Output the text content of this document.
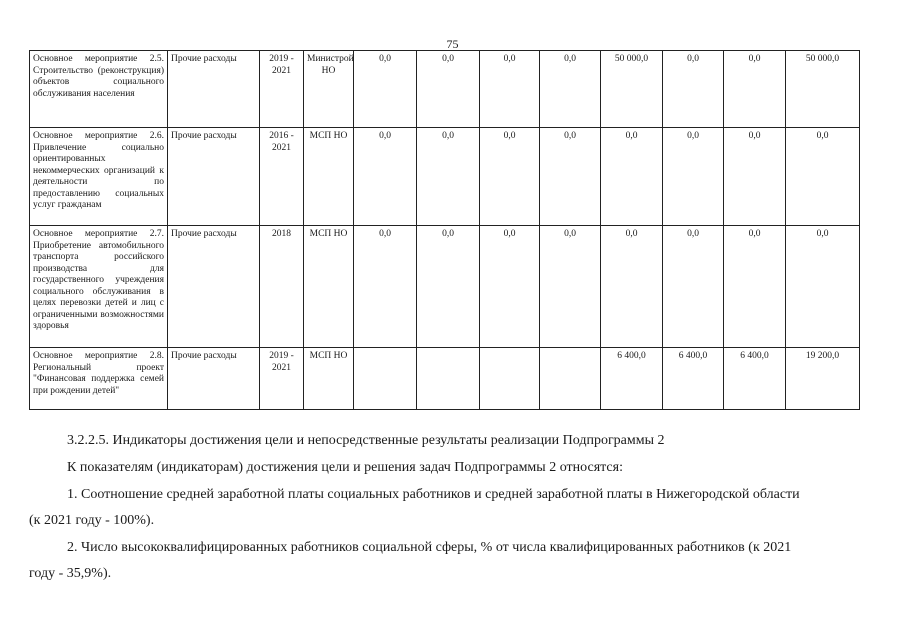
75
Основное мероприятие 2.5. Строительство (реконструкция) объектов социального обслуживания населения	Прочие расходы	2019 - 2021	Министрой НО	0,0	0,0	0,0	0,0	50 000,0	0,0	0,0	50 000,0
Основное мероприятие 2.6. Привлечение социально ориентированных некоммерческих организаций к деятельности по предоставлению социальных услуг гражданам	Прочие расходы	2016 - 2021	МСП НО	0,0	0,0	0,0	0,0	0,0	0,0	0,0	0,0
Основное мероприятие 2.7. Приобретение автомобильного транспорта российского производства для государственного учреждения социального обслуживания в целях перевозки детей и лиц с ограниченными возможностями здоровья	Прочие расходы	2018	МСП НО	0,0	0,0	0,0	0,0	0,0	0,0	0,0	0,0
Основное мероприятие 2.8. Региональный проект "Финансовая поддержка семей при рождении детей"	Прочие расходы	2019 - 2021	МСП НО					6 400,0	6 400,0	6 400,0	19 200,0
3.2.2.5. Индикаторы достижения цели и непосредственные результаты реализации Подпрограммы 2
К показателям (индикаторам) достижения цели и решения задач Подпрограммы 2 относятся:
1. Соотношение средней заработной платы социальных работников и средней заработной платы в Нижегородской области
(к 2021 году - 100%).
2. Число высококвалифицированных работников социальной сферы, % от числа квалифицированных работников (к 2021
году - 35,9%).
